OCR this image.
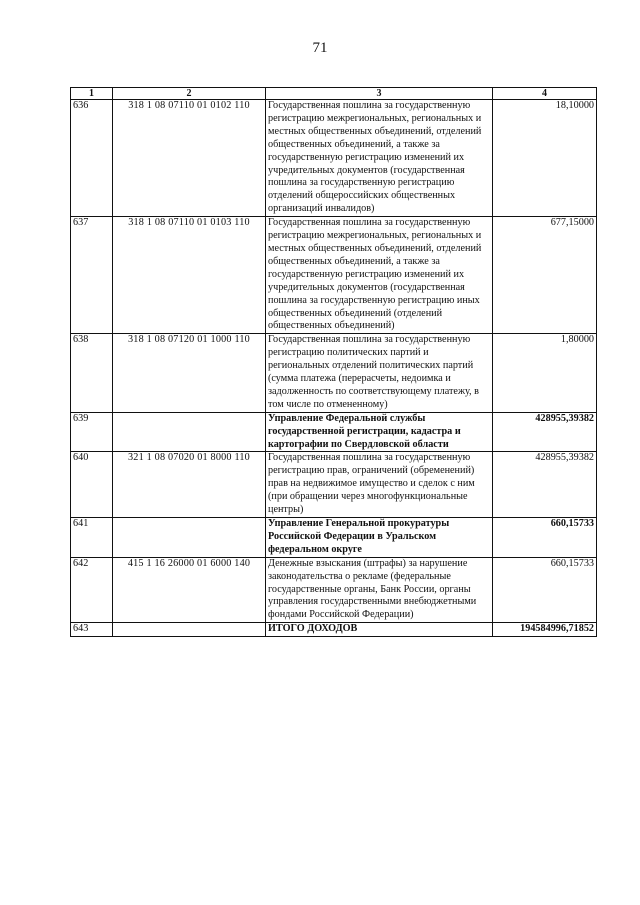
71
1	2	3	4
636	318 1 08 07110 01 0102 110	Государственная пошлина за государственную регистрацию межрегиональных, региональных и местных общественных объединений, отделений общественных объединений, а также за государственную регистрацию изменений их учредительных документов (государственная пошлина за государственную регистрацию отделений общероссийских общественных организаций инвалидов)	18,10000
637	318 1 08 07110 01 0103 110	Государственная пошлина за государственную регистрацию межрегиональных, региональных и местных общественных объединений, отделений общественных объединений, а также за государственную регистрацию изменений их учредительных документов (государственная пошлина за государственную регистрацию иных общественных объединений (отделений общественных объединений)	677,15000
638	318 1 08 07120 01 1000 110	Государственная пошлина за государственную регистрацию политических партий и региональных отделений политических партий (сумма платежа (перерасчеты, недоимка и задолженность по соответствующему платежу, в том числе по отмененному)	1,80000
639		Управление Федеральной службы государственной регистрации, кадастра и картографии по Свердловской области	428955,39382
640	321 1 08 07020 01 8000 110	Государственная пошлина за государственную регистрацию прав, ограничений (обременений) прав на недвижимое имущество и сделок с ним (при обращении через многофункциональные центры)	428955,39382
641		Управление Генеральной прокуратуры Российской Федерации в Уральском федеральном округе	660,15733
642	415 1 16 26000 01 6000 140	Денежные взыскания (штрафы) за нарушение законодательства о рекламе (федеральные государственные органы, Банк России, органы управления государственными внебюджетными фондами Российской Федерации)	660,15733
643		ИТОГО ДОХОДОВ	194584996,71852
